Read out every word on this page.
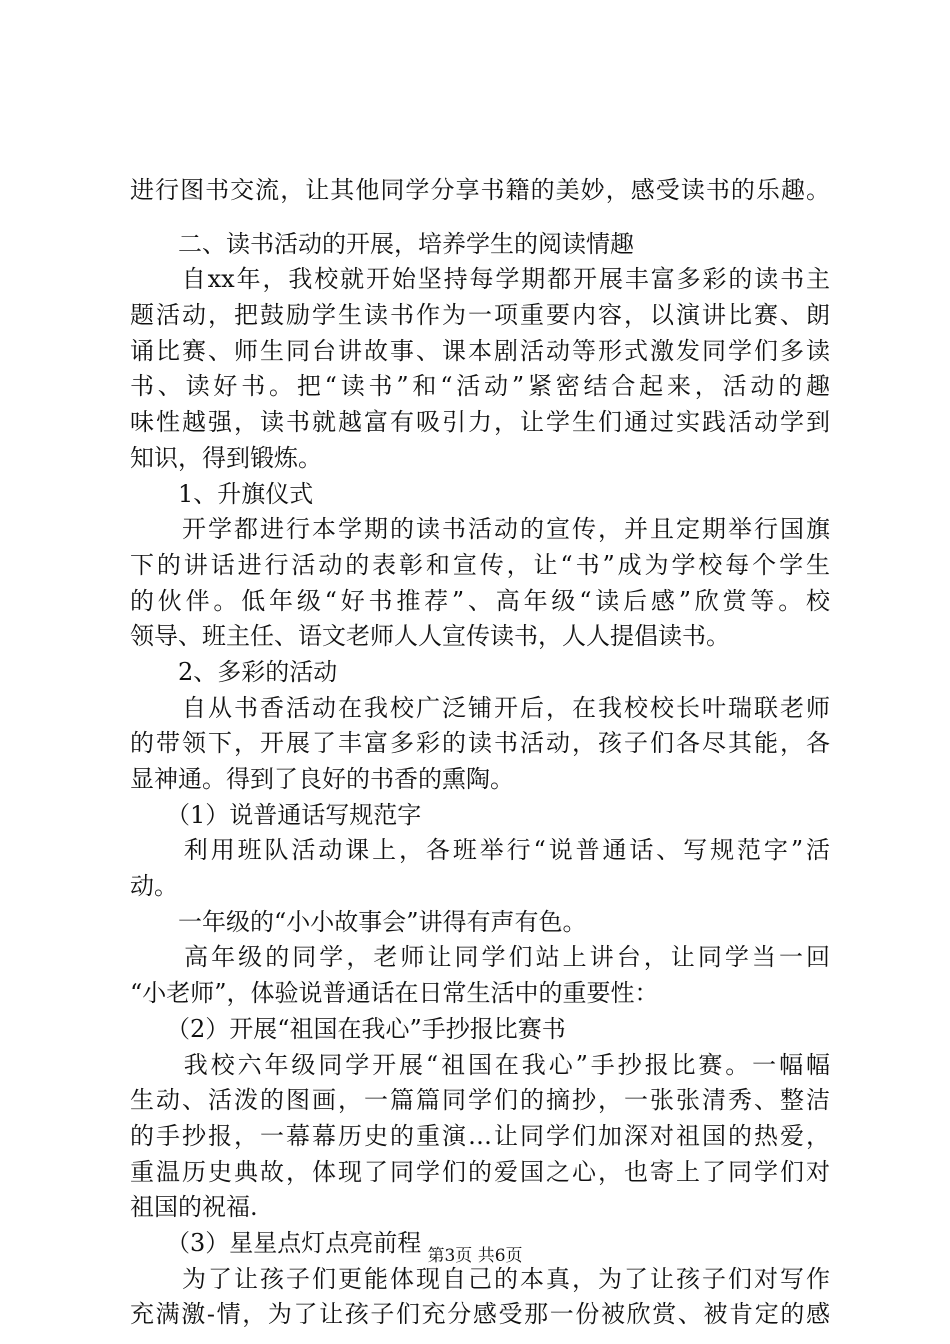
进行图书交流，让其他同学分享书籍的美妙，感受读书的乐趣。
　　二、读书活动的开展，培养学生的阅读情趣
　　自xx年，我校就开始坚持每学期都开展丰富多彩的读书主
题活动，把鼓励学生读书作为一项重要内容，以演讲比赛、朗
诵比赛、师生同台讲故事、课本剧活动等形式激发同学们多读
书、读好书。把“读书”和“活动”紧密结合起来，活动的趣
味性越强，读书就越富有吸引力，让学生们通过实践活动学到
知识，得到锻炼。
　　1、升旗仪式
　　开学都进行本学期的读书活动的宣传，并且定期举行国旗
下的讲话进行活动的表彰和宣传，让“书”成为学校每个学生
的伙伴。低年级“好书推荐”、高年级“读后感”欣赏等。校
领导、班主任、语文老师人人宣传读书，人人提倡读书。
　　2、多彩的活动
　　自从书香活动在我校广泛铺开后，在我校校长叶瑞联老师
的带领下，开展了丰富多彩的读书活动，孩子们各尽其能，各
显神通。得到了良好的书香的熏陶。
　　（1）说普通话写规范字
　　利用班队活动课上，各班举行“说普通话、写规范字”活
动。
　　一年级的“小小故事会”讲得有声有色。
　　高年级的同学，老师让同学们站上讲台，让同学当一回
“小老师”，体验说普通话在日常生活中的重要性：
　　（2）开展“祖国在我心”手抄报比赛书
　　我校六年级同学开展“祖国在我心”手抄报比赛。一幅幅
生动、活泼的图画，一篇篇同学们的摘抄，一张张清秀、整洁
的手抄报，一幕幕历史的重演…让同学们加深对祖国的热爱，
重温历史典故，体现了同学们的爱国之心，也寄上了同学们对
祖国的祝福.
　　（3）星星点灯点亮前程
　　为了让孩子们更能体现自己的本真，为了让孩子们对写作
充满激-情，为了让孩子们充分感受那一份被欣赏、被肯定的感
第3页 共6页
